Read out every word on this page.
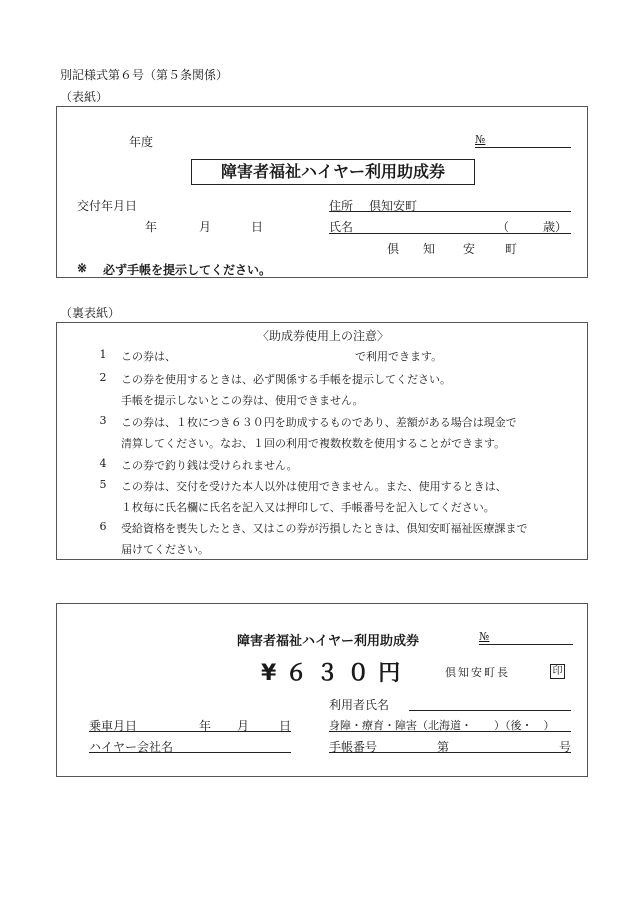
別記様式第６号（第５条関係）
（表紙）
年度	№
障害者福祉ハイヤー利用助成券
交付年月日
年	月	日
住所 倶知安町
氏名	（	歳）
倶 知 安 町
※ 必ず手帳を提示してください。
（裏表紙）
〈助成券使用上の注意〉
1	この券は、	で利用できます。
2	この券を使用するときは、必ず関係する手帳を提示してください。
手帳を提示しないとこの券は、使用できません。
3	この券は、１枚につき６３０円を助成するものであり、差額がある場合は現金で
清算してください。なお、１回の利用で複数枚数を使用することができます。
4	この券で釣り銭は受けられません。
5	この券は、交付を受けた本人以外は使用できません。また、使用するときは、
１枚毎に氏名欄に氏名を記入又は押印して、手帳番号を記入してください。
6	受給資格を喪失したとき、又はこの券が汚損したときは、倶知安町福祉医療課まで
届けてください。
障害者福祉ハイヤー利用助成券	№
¥６３０円	倶知安町長	印
利用者氏名
乗車月日	年 月 日	身障・療育・障害（北海道・　　）（後・　）
ハイヤー会社名	手帳番号	第	号
